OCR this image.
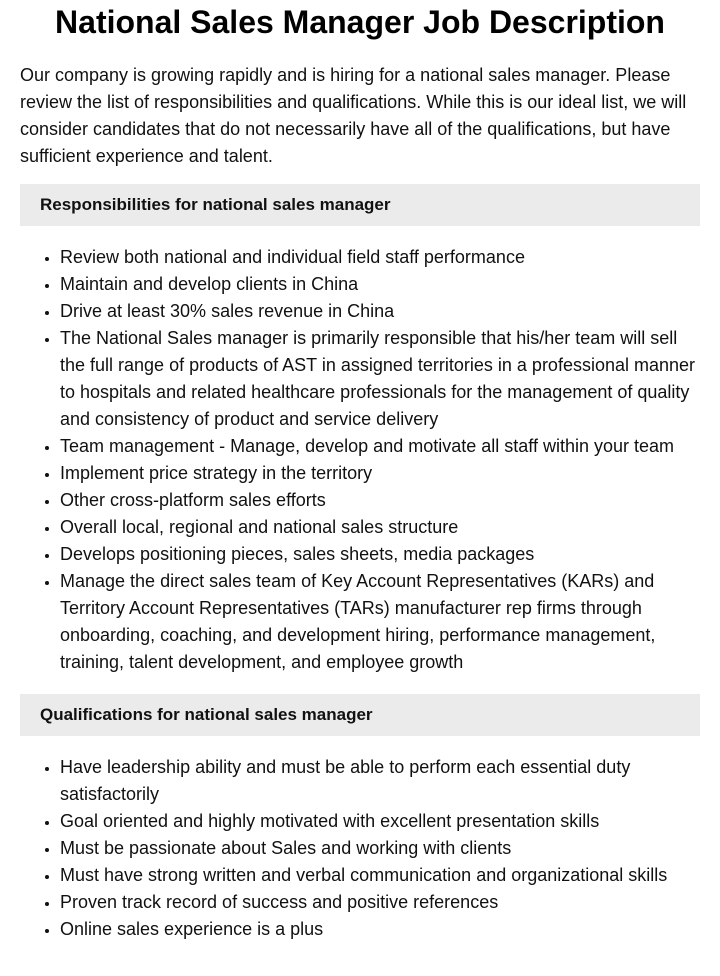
National Sales Manager Job Description

Our company is growing rapidly and is hiring for a national sales manager. Please review the list of responsibilities and qualifications. While this is our ideal list, we will consider candidates that do not necessarily have all of the qualifications, but have sufficient experience and talent.

Responsibilities for national sales manager
• Review both national and individual field staff performance
• Maintain and develop clients in China
• Drive at least 30% sales revenue in China
• The National Sales manager is primarily responsible that his/her team will sell the full range of products of AST in assigned territories in a professional manner to hospitals and related healthcare professionals for the management of quality and consistency of product and service delivery
• Team management - Manage, develop and motivate all staff within your team
• Implement price strategy in the territory
• Other cross-platform sales efforts
• Overall local, regional and national sales structure
• Develops positioning pieces, sales sheets, media packages
• Manage the direct sales team of Key Account Representatives (KARs) and Territory Account Representatives (TARs) manufacturer rep firms through onboarding, coaching, and development hiring, performance management, training, talent development, and employee growth
Qualifications for national sales manager
• Have leadership ability and must be able to perform each essential duty satisfactorily
• Goal oriented and highly motivated with excellent presentation skills
• Must be passionate about Sales and working with clients
• Must have strong written and verbal communication and organizational skills
• Proven track record of success and positive references
• Online sales experience is a plus
